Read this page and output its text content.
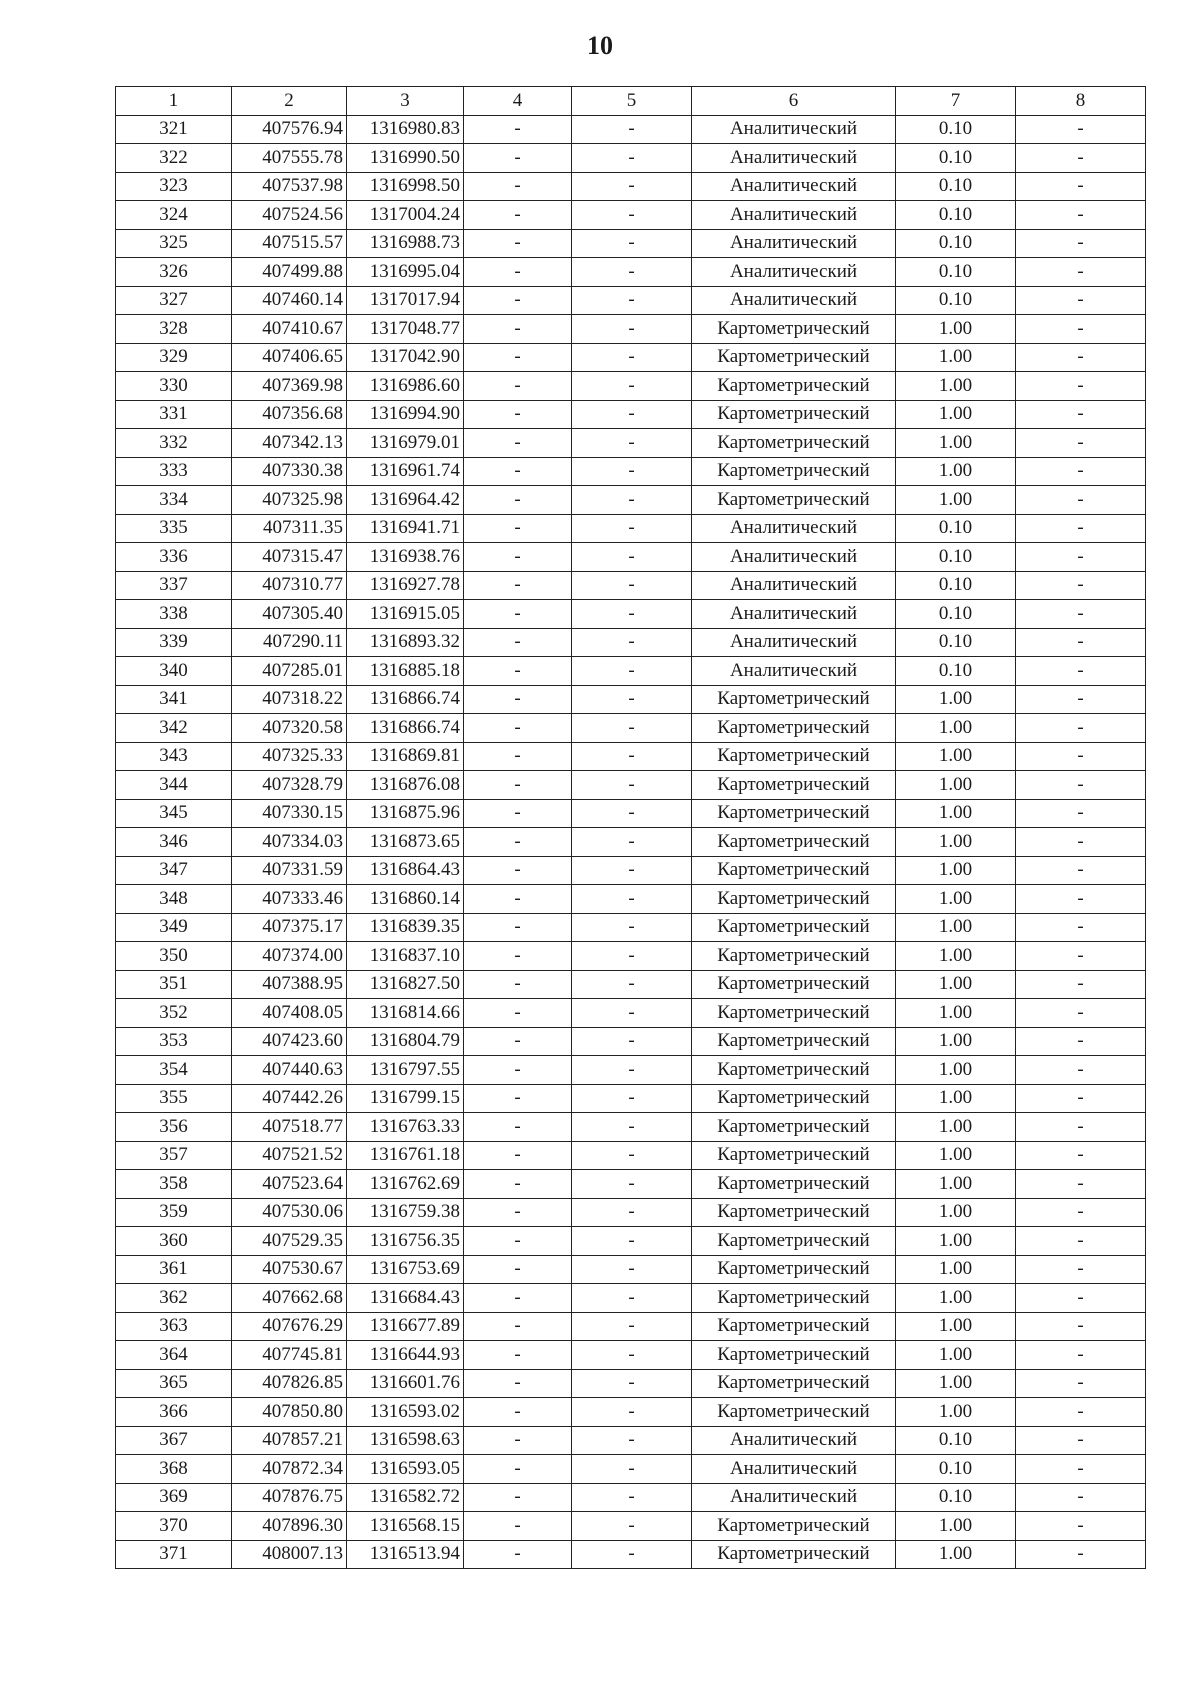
10
1	2	3	4	5	6	7	8
321	407576.94	1316980.83	-	-	Аналитический	0.10	-
322	407555.78	1316990.50	-	-	Аналитический	0.10	-
323	407537.98	1316998.50	-	-	Аналитический	0.10	-
324	407524.56	1317004.24	-	-	Аналитический	0.10	-
325	407515.57	1316988.73	-	-	Аналитический	0.10	-
326	407499.88	1316995.04	-	-	Аналитический	0.10	-
327	407460.14	1317017.94	-	-	Аналитический	0.10	-
328	407410.67	1317048.77	-	-	Картометрический	1.00	-
329	407406.65	1317042.90	-	-	Картометрический	1.00	-
330	407369.98	1316986.60	-	-	Картометрический	1.00	-
331	407356.68	1316994.90	-	-	Картометрический	1.00	-
332	407342.13	1316979.01	-	-	Картометрический	1.00	-
333	407330.38	1316961.74	-	-	Картометрический	1.00	-
334	407325.98	1316964.42	-	-	Картометрический	1.00	-
335	407311.35	1316941.71	-	-	Аналитический	0.10	-
336	407315.47	1316938.76	-	-	Аналитический	0.10	-
337	407310.77	1316927.78	-	-	Аналитический	0.10	-
338	407305.40	1316915.05	-	-	Аналитический	0.10	-
339	407290.11	1316893.32	-	-	Аналитический	0.10	-
340	407285.01	1316885.18	-	-	Аналитический	0.10	-
341	407318.22	1316866.74	-	-	Картометрический	1.00	-
342	407320.58	1316866.74	-	-	Картометрический	1.00	-
343	407325.33	1316869.81	-	-	Картометрический	1.00	-
344	407328.79	1316876.08	-	-	Картометрический	1.00	-
345	407330.15	1316875.96	-	-	Картометрический	1.00	-
346	407334.03	1316873.65	-	-	Картометрический	1.00	-
347	407331.59	1316864.43	-	-	Картометрический	1.00	-
348	407333.46	1316860.14	-	-	Картометрический	1.00	-
349	407375.17	1316839.35	-	-	Картометрический	1.00	-
350	407374.00	1316837.10	-	-	Картометрический	1.00	-
351	407388.95	1316827.50	-	-	Картометрический	1.00	-
352	407408.05	1316814.66	-	-	Картометрический	1.00	-
353	407423.60	1316804.79	-	-	Картометрический	1.00	-
354	407440.63	1316797.55	-	-	Картометрический	1.00	-
355	407442.26	1316799.15	-	-	Картометрический	1.00	-
356	407518.77	1316763.33	-	-	Картометрический	1.00	-
357	407521.52	1316761.18	-	-	Картометрический	1.00	-
358	407523.64	1316762.69	-	-	Картометрический	1.00	-
359	407530.06	1316759.38	-	-	Картометрический	1.00	-
360	407529.35	1316756.35	-	-	Картометрический	1.00	-
361	407530.67	1316753.69	-	-	Картометрический	1.00	-
362	407662.68	1316684.43	-	-	Картометрический	1.00	-
363	407676.29	1316677.89	-	-	Картометрический	1.00	-
364	407745.81	1316644.93	-	-	Картометрический	1.00	-
365	407826.85	1316601.76	-	-	Картометрический	1.00	-
366	407850.80	1316593.02	-	-	Картометрический	1.00	-
367	407857.21	1316598.63	-	-	Аналитический	0.10	-
368	407872.34	1316593.05	-	-	Аналитический	0.10	-
369	407876.75	1316582.72	-	-	Аналитический	0.10	-
370	407896.30	1316568.15	-	-	Картометрический	1.00	-
371	408007.13	1316513.94	-	-	Картометрический	1.00	-
